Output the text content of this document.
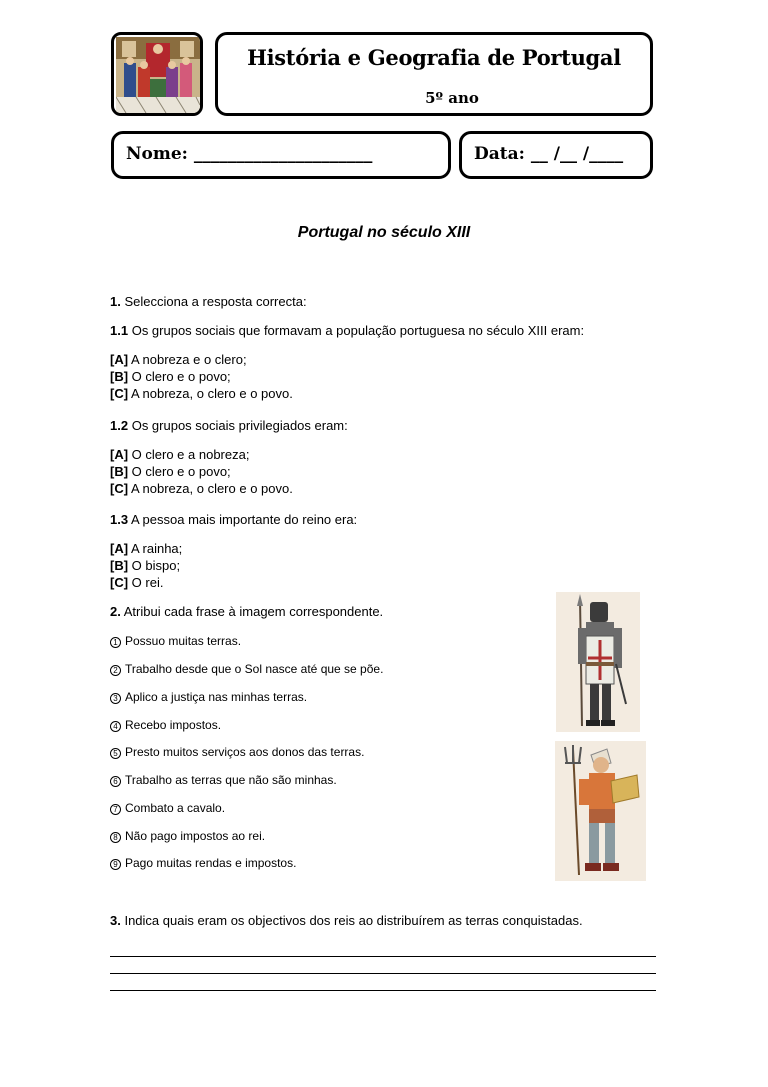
História e Geografia de Portugal
5º ano
Nome: _____________________	Data: __ /__ /____
Portugal no século XIII
1. Selecciona a resposta correcta:
1.1 Os grupos sociais que formavam a população portuguesa no século XIII eram:
[A] A nobreza e o clero;
[B] O clero e o povo;
[C] A nobreza, o clero e o povo.
1.2 Os grupos sociais privilegiados eram:
[A] O clero e a nobreza;
[B] O clero e o povo;
[C] A nobreza, o clero e o povo.
1.3 A pessoa mais importante do reino era:
[A] A rainha;
[B] O bispo;
[C] O rei.
2. Atribui cada frase à imagem correspondente.
1 Possuo muitas terras.
2 Trabalho desde que o Sol nasce até que se põe.
3 Aplico a justiça nas minhas terras.
4 Recebo impostos.
5 Presto muitos serviços aos donos das terras.
6 Trabalho as terras que não são minhas.
7 Combato a cavalo.
8 Não pago impostos ao rei.
9 Pago muitas rendas e impostos.
3. Indica quais eram os objectivos dos reis ao distribuírem as terras conquistadas.
